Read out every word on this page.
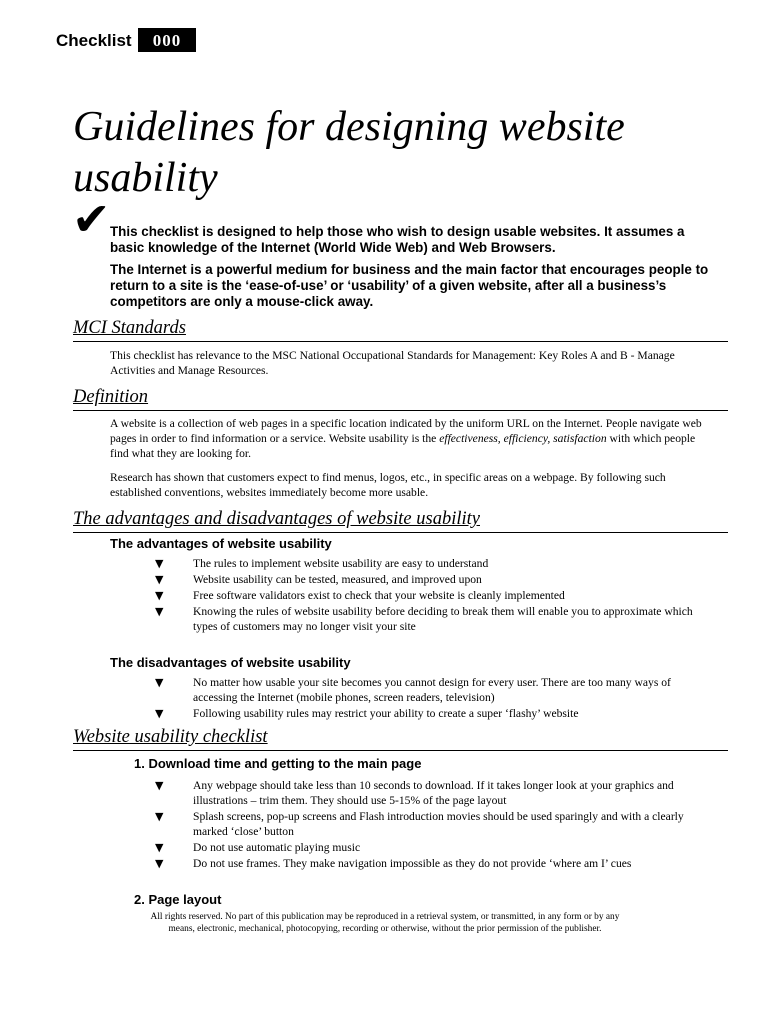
Checklist	000
Guidelines for designing website usability
✔ This checklist is designed to help those who wish to design usable websites. It assumes a basic knowledge of the Internet (World Wide Web) and Web Browsers.
The Internet is a powerful medium for business and the main factor that encourages people to return to a site is the ‘ease-of-use’ or ‘usability’ of a given website, after all a business’s competitors are only a mouse-click away.
MCI Standards
This checklist has relevance to the MSC National Occupational Standards for Management: Key Roles A and B - Manage Activities and Manage Resources.
Definition
A website is a collection of web pages in a specific location indicated by the uniform URL on the Internet. People navigate web pages in order to find information or a service. Website usability is the effectiveness, efficiency, satisfaction with which people find what they are looking for.
Research has shown that customers expect to find menus, logos, etc., in specific areas on a webpage. By following such established conventions, websites immediately become more usable.
The advantages and disadvantages of website usability
The advantages of website usability
▼	The rules to implement website usability are easy to understand
▼	Website usability can be tested, measured, and improved upon
▼	Free software validators exist to check that your website is cleanly implemented
▼	Knowing the rules of website usability before deciding to break them will enable you to approximate which types of customers may no longer visit your site
The disadvantages of website usability
▼	No matter how usable your site becomes you cannot design for every user. There are too many ways of accessing the Internet (mobile phones, screen readers, television)
▼	Following usability rules may restrict your ability to create a super ‘flashy’ website
Website usability checklist
1. Download time and getting to the main page
▼	Any webpage should take less than 10 seconds to download. If it takes longer look at your graphics and illustrations – trim them. They should use 5-15% of the page layout
▼	Splash screens, pop-up screens and Flash introduction movies should be used sparingly and with a clearly marked ‘close’ button
▼	Do not use automatic playing music
▼	Do not use frames. They make navigation impossible as they do not provide ‘where am I’ cues
2. Page layout
All rights reserved. No part of this publication may be reproduced in a retrieval system, or transmitted, in any form or by any means, electronic, mechanical, photocopying, recording or otherwise, without the prior permission of the publisher.
